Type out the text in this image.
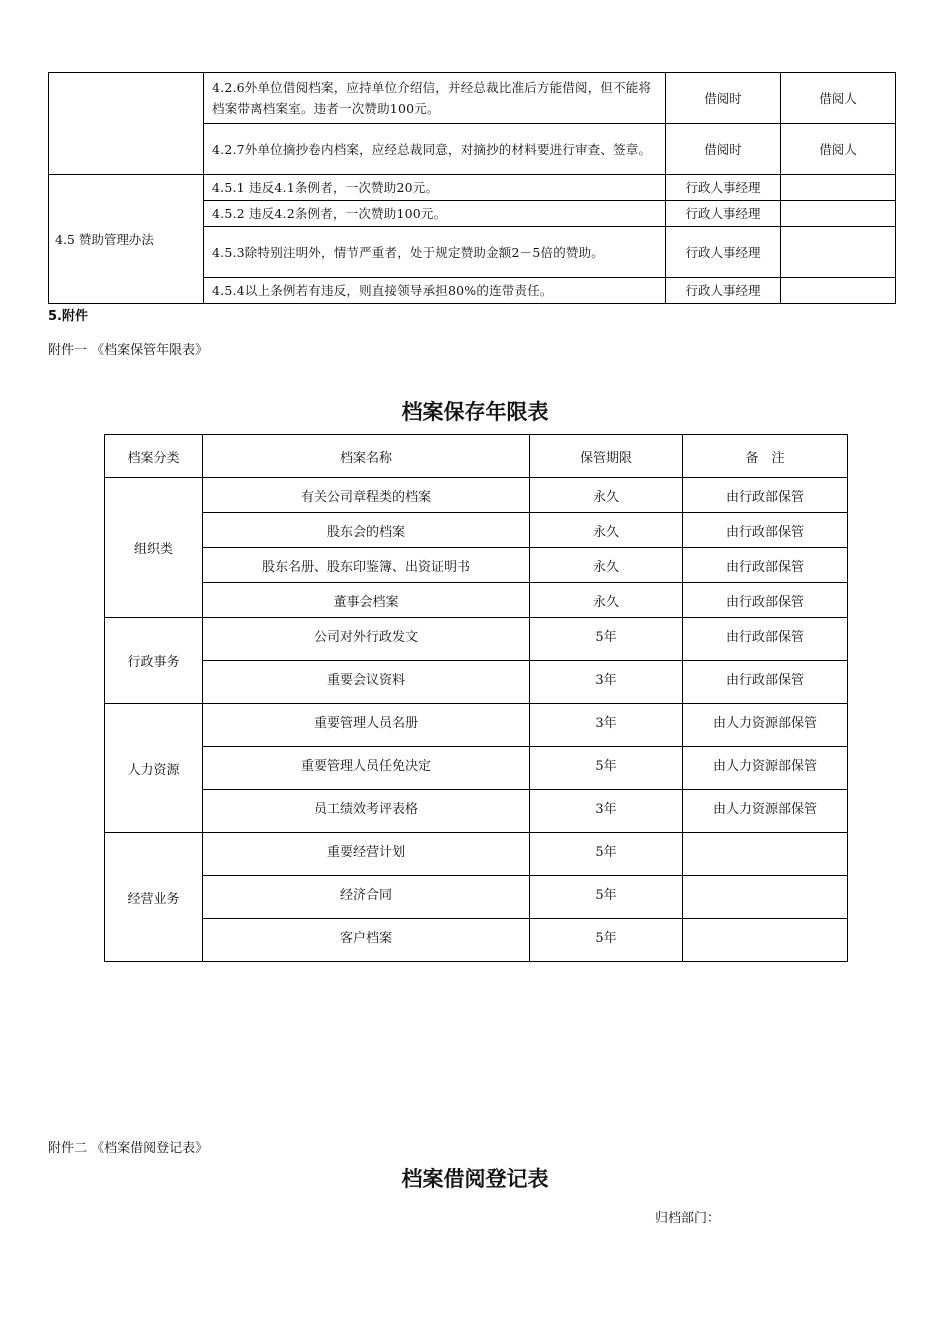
	4.2.6外单位借阅档案，应持单位介绍信，并经总裁比准后方能借阅，但不能将档案带离档案室。违者一次赞助100元。	借阅时	借阅人
	4.2.7外单位摘抄卷内档案，应经总裁同意，对摘抄的材料要进行审查、签章。	借阅时	借阅人
4.5 赞助管理办法	4.5.1 违反4.1条例者，一次赞助20元。	行政人事经理	
	4.5.2 违反4.2条例者，一次赞助100元。	行政人事经理	
	4.5.3除特别注明外，情节严重者，处于规定赞助金额2－5倍的赞助。	行政人事经理	
	4.5.4以上条例若有违反，则直接领导承担80%的连带责任。	行政人事经理	
5.附件
附件一 《档案保管年限表》
档案保存年限表
档案分类	档案名称	保管期限	备　注
组织类	有关公司章程类的档案	永久	由行政部保管
	股东会的档案	永久	由行政部保管
	股东名册、股东印鉴簿、出资证明书	永久	由行政部保管
	董事会档案	永久	由行政部保管
行政事务	公司对外行政发文	5年	由行政部保管
	重要会议资料	3年	由行政部保管
人力资源	重要管理人员名册	3年	由人力资源部保管
	重要管理人员任免决定	5年	由人力资源部保管
	员工绩效考评表格	3年	由人力资源部保管
经营业务	重要经营计划	5年	
	经济合同	5年	
	客户档案	5年	
附件二 《档案借阅登记表》
档案借阅登记表
归档部门：
